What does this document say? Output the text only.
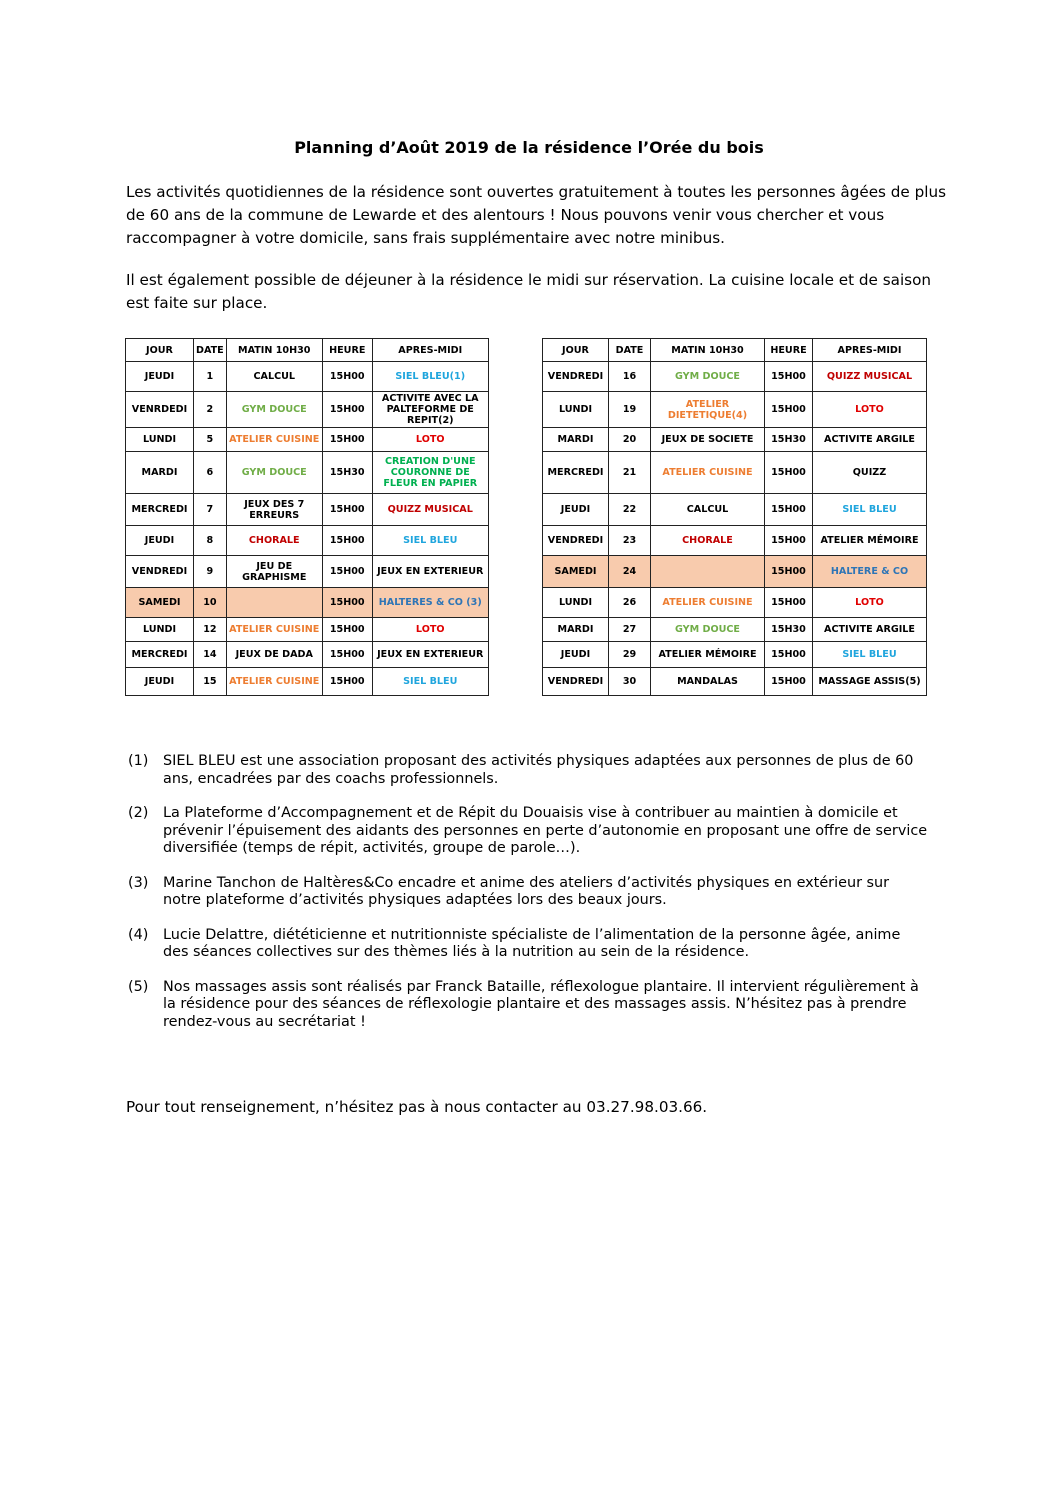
Planning d’Août 2019 de la résidence l’Orée du bois
Les activités quotidiennes de la résidence sont ouvertes gratuitement à toutes les personnes âgées de plus de 60 ans de la commune de Lewarde et des alentours ! Nous pouvons venir vous chercher et vous raccompagner à votre domicile, sans frais supplémentaire avec notre minibus.
Il est également possible de déjeuner à la résidence le midi sur réservation. La cuisine locale et de saison est faite sur place.
JOUR	DATE	MATIN 10H30	HEURE	APRES-MIDI
JEUDI	1	CALCUL	15H00	SIEL BLEU(1)
VENRDEDI	2	GYM DOUCE	15H00	ACTIVITE AVEC LA PALTEFORME DE REPIT(2)
LUNDI	5	ATELIER CUISINE	15H00	LOTO
MARDI	6	GYM DOUCE	15H30	CREATION D'UNE COURONNE DE FLEUR EN PAPIER
MERCREDI	7	JEUX DES 7 ERREURS	15H00	QUIZZ MUSICAL
JEUDI	8	CHORALE	15H00	SIEL BLEU
VENDREDI	9	JEU DE GRAPHISME	15H00	JEUX EN EXTERIEUR
SAMEDI	10		15H00	HALTERES & CO (3)
LUNDI	12	ATELIER CUISINE	15H00	LOTO
MERCREDI	14	JEUX DE DADA	15H00	JEUX EN EXTERIEUR
JEUDI	15	ATELIER CUISINE	15H00	SIEL BLEU
JOUR	DATE	MATIN 10H30	HEURE	APRES-MIDI
VENDREDI	16	GYM DOUCE	15H00	QUIZZ MUSICAL
LUNDI	19	ATELIER DIETETIQUE(4)	15H00	LOTO
MARDI	20	JEUX DE SOCIETE	15H30	ACTIVITE ARGILE
MERCREDI	21	ATELIER CUISINE	15H00	QUIZZ
JEUDI	22	CALCUL	15H00	SIEL BLEU
VENDREDI	23	CHORALE	15H00	ATELIER MÉMOIRE
SAMEDI	24		15H00	HALTERE & CO
LUNDI	26	ATELIER CUISINE	15H00	LOTO
MARDI	27	GYM DOUCE	15H30	ACTIVITE ARGILE
JEUDI	29	ATELIER MÉMOIRE	15H00	SIEL BLEU
VENDREDI	30	MANDALAS	15H00	MASSAGE ASSIS(5)
(1)	SIEL BLEU est une association proposant des activités physiques adaptées aux personnes de plus de 60 ans, encadrées par des coachs professionnels.
(2)	La Plateforme d’Accompagnement et de Répit du Douaisis vise à contribuer au maintien à domicile et prévenir l’épuisement des aidants des personnes en perte d’autonomie en proposant une offre de service diversifiée (temps de répit, activités, groupe de parole…).
(3)	Marine Tanchon de Haltères&Co encadre et anime des ateliers d’activités physiques en extérieur sur notre plateforme d’activités physiques adaptées lors des beaux jours.
(4)	Lucie Delattre, diététicienne et nutritionniste spécialiste de l’alimentation de la personne âgée, anime des séances collectives sur des thèmes liés à la nutrition au sein de la résidence.
(5)	Nos massages assis sont réalisés par Franck Bataille, réflexologue plantaire. Il intervient régulièrement à la résidence pour des séances de réflexologie plantaire et des massages assis. N’hésitez pas à prendre rendez-vous au secrétariat !
Pour tout renseignement, n’hésitez pas à nous contacter au 03.27.98.03.66.
